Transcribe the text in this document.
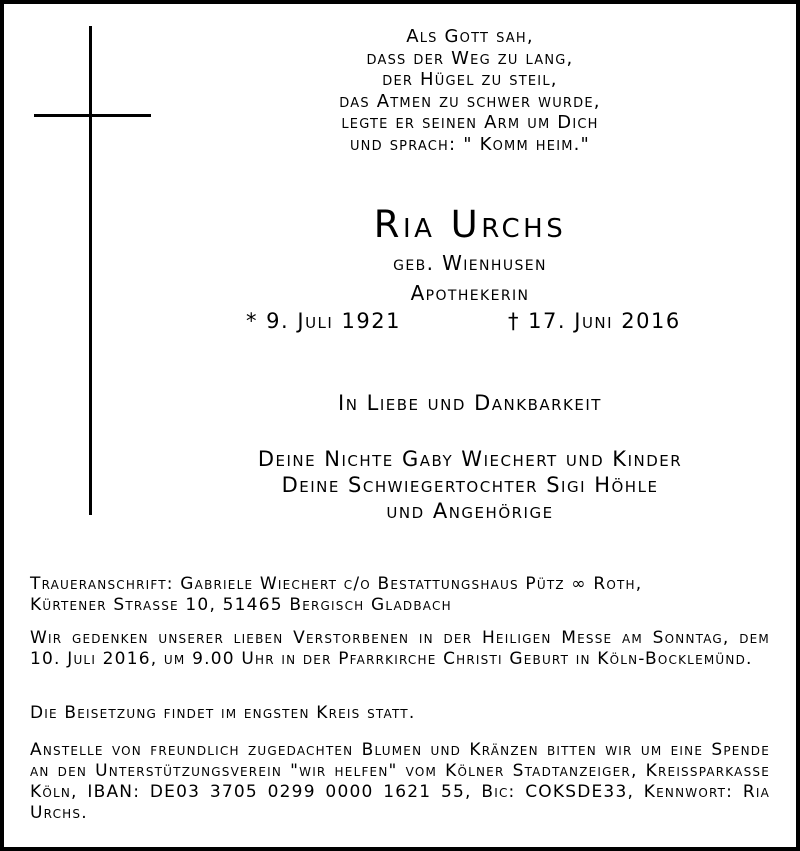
Als Gott sah,
dass der Weg zu lang,
der Hügel zu steil,
das Atmen zu schwer wurde,
legte er seinen Arm um Dich
und sprach: " Komm heim."
Ria Urchs
geb. Wienhusen
Apothekerin
* 9. Juli 1921	† 17. Juni 2016
In Liebe und Dankbarkeit
Deine Nichte Gaby Wiechert und Kinder
Deine Schwiegertochter Sigi Höhle
und Angehörige
Traueranschrift: Gabriele Wiechert c/o Bestattungshaus Pütz ∞ Roth,
Kürtener Strasse 10, 51465 Bergisch Gladbach
Wir gedenken unserer lieben Verstorbenen in der Heiligen Messe am Sonntag, dem 10. Juli 2016, um 9.00 Uhr in der Pfarrkirche Christi Geburt in Köln-Bocklemünd.
Die Beisetzung findet im engsten Kreis statt.
Anstelle von freundlich zugedachten Blumen und Kränzen bitten wir um eine Spende an den Unterstützungsverein "wir helfen" vom Kölner Stadtanzeiger, Kreissparkasse Köln, IBAN: DE03 3705 0299 0000 1621 55, Bic: COKSDE33, Kennwort: Ria Urchs.
